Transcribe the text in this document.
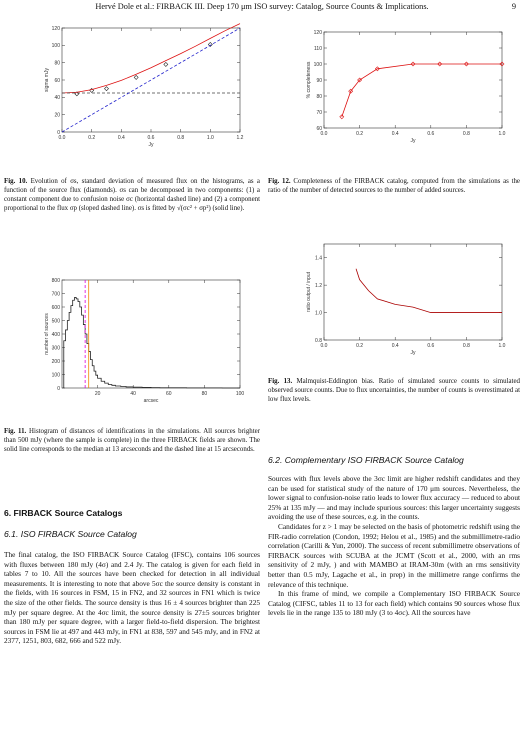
Hervé Dole et al.: FIRBACK III. Deep 170 μm ISO survey: Catalog, Source Counts & Implications.	9
0.0	0.2	0.4	0.6	0.8	1.0	1.2
0
20
40
60
80
100
120
Jy
sigma mJy
0.0	0.2	0.4	0.6	0.8	1.0
60
70
80
90
100
110
120
Jy
% completeness
20	40	60	80	100
0
100
200
300
400
500
600
700
800
arcsec
number of sources	0.0	0.2	0.4	0.6	0.8	1.0
0.8
1.0
1.2
1.4
Jy
ratio output / input
Fig. 10. Evolution of σs, standard deviation of measured flux on the histograms, as a function of the source flux (diamonds). σs can be decomposed in two components: (1) a constant component due to confusion noise σc (horizontal dashed line) and (2) a component proportional to the flux σp (sloped dashed line). σs is fitted by √(σc² + σp²) (solid line).
Fig. 12. Completeness of the FIRBACK catalog, computed from the simulations as the ratio of the number of detected sources to the number of added sources.
Fig. 11. Histogram of distances of identifications in the simulations. All sources brighter than 500 mJy (where the sample is complete) in the three FIRBACK fields are shown. The solid line corresponds to the median at 13 arcseconds and the dashed line at 15 arcseconds.
Fig. 13. Malmquist-Eddington bias. Ratio of simulated source counts to simulated observed source counts. Due to flux uncertainties, the number of counts is overestimated at low flux levels.
6. FIRBACK Source Catalogs
6.1. ISO FIRBACK Source Catalog

The final catalog, the ISO FIRBACK Source Catalog (IFSC), contains 106 sources with fluxes between 180 mJy (4σ) and 2.4 Jy. The catalog is given for each field in tables 7 to 10. All the sources have been checked for detection in all individual measurements. It is interesting to note that above 5σc the source density is constant in the fields, with 16 sources in FSM, 15 in FN2, and 32 sources in FN1 which is twice the size of the other fields. The source density is thus 16 ± 4 sources brighter than 225 mJy per square degree. At the 4σc limit, the source density is 27±5 sources brighter than 180 mJy per square degree, with a larger field-to-field dispersion. The brightest sources in FSM lie at 497 and 443 mJy, in FN1 at 838, 597 and 545 mJy, and in FN2 at 2377, 1251, 803, 682, 666 and 522 mJy.

6.2. Complementary ISO FIRBACK Source Catalog

Sources with flux levels above the 3σc limit are higher redshift candidates and they can be used for statistical study of the nature of 170 μm sources. Nevertheless, the lower signal to confusion-noise ratio leads to lower flux accuracy — reduced to about 25% at 135 mJy — and may include spurious sources: this larger uncertainty suggests avoiding the use of these sources, e.g. in the counts.

Candidates for z > 1 may be selected on the basis of photometric redshift using the FIR-radio correlation (Condon, 1992; Helou et al., 1985) and the submillimetre-radio correlation (Carilli & Yun, 2000). The success of recent submillimetre observations of FIRBACK sources with SCUBA at the JCMT (Scott et al., 2000, with an rms sensitivity of 2 mJy, ) and with MAMBO at IRAM-30m (with an rms sensitivity better than 0.5 mJy, Lagache et al., in prep) in the millimetre range confirms the relevance of this technique.

In this frame of mind, we compile a Complementary ISO FIRBACK Source Catalog (CIFSC, tables 11 to 13 for each field) which contains 90 sources whose flux levels lie in the range 135 to 180 mJy (3 to 4σc). All the sources have
